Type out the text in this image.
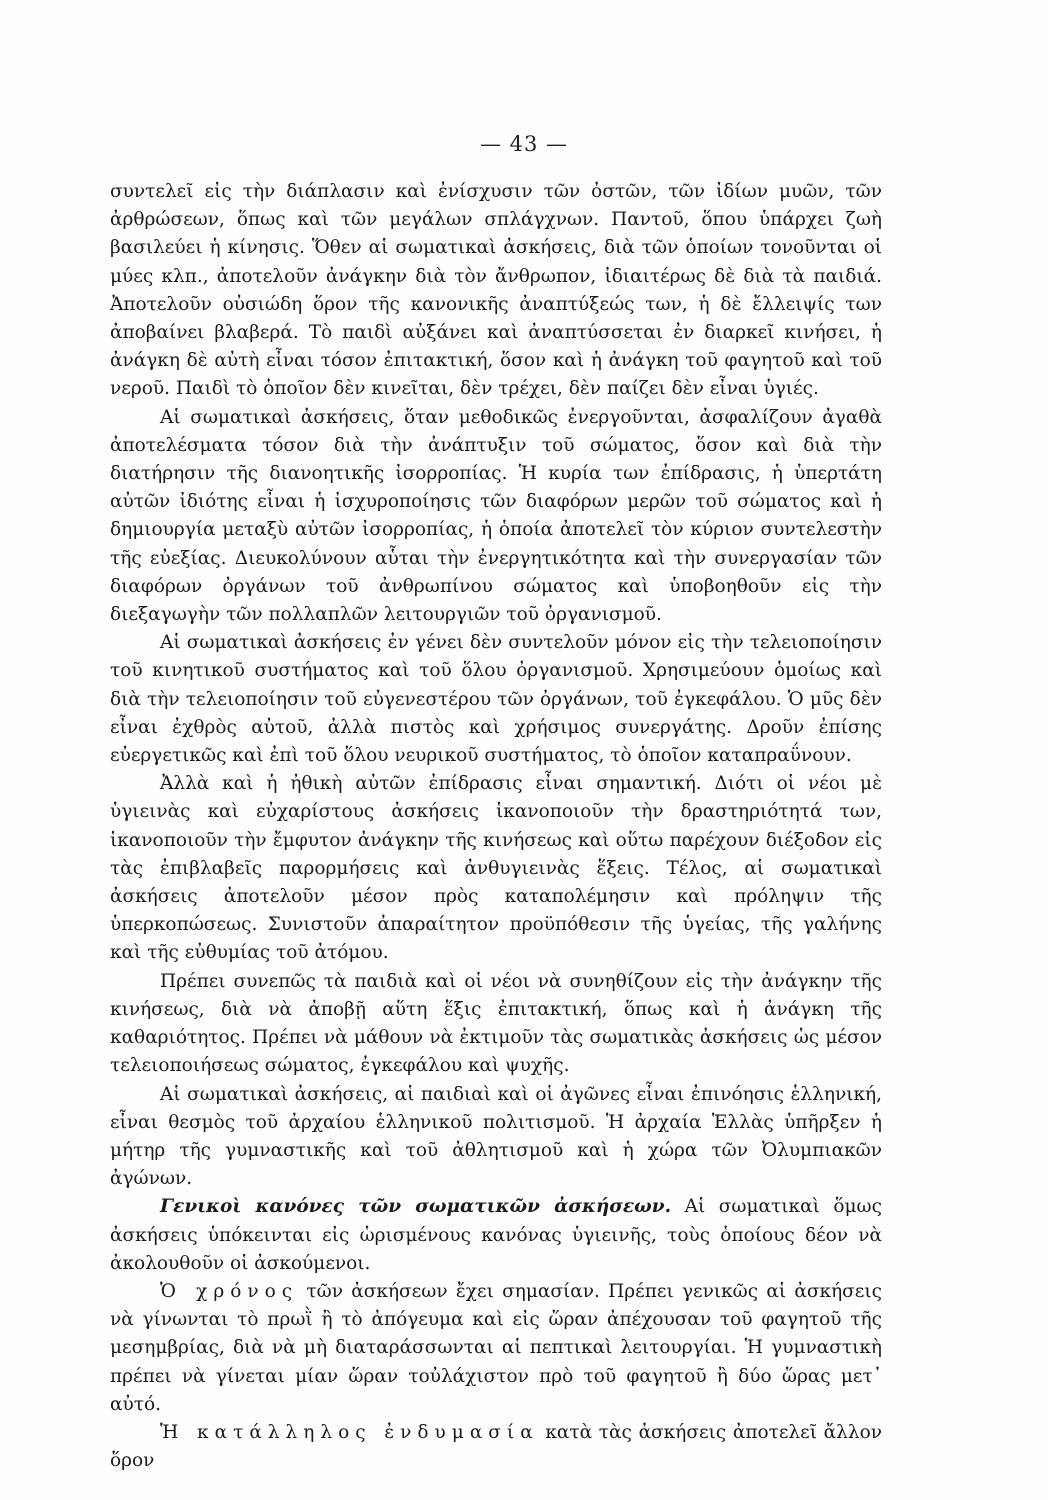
— 43 —

συντελεῖ εἰς τὴν διάπλασιν καὶ ἐνίσχυσιν τῶν ὀστῶν, τῶν ἰδίων μυῶν, τῶν ἀρθρώσεων, ὅπως καὶ τῶν μεγάλων σπλάγχνων. Παντοῦ, ὅπου ὑπάρχει ζωὴ βασιλεύει ἡ κίνησις. Ὅθεν αἱ σωματικαὶ ἀσκήσεις, διὰ τῶν ὁποίων τονοῦνται οἱ μύες κλπ., ἀποτελοῦν ἀνάγκην διὰ τὸν ἄνθρωπον, ἰδιαιτέρως δὲ διὰ τὰ παιδιά. Ἀποτελοῦν οὐσιώδη ὅρον τῆς κανονικῆς ἀναπτύξεώς των, ἡ δὲ ἔλλειψίς των ἀποβαίνει βλαβερά. Τὸ παιδὶ αὐξάνει καὶ ἀναπτύσσεται ἐν διαρκεῖ κινήσει, ἡ ἀνάγκη δὲ αὐτὴ εἶναι τόσον ἐπιτακτική, ὅσον καὶ ἡ ἀνάγκη τοῦ φαγητοῦ καὶ τοῦ νεροῦ. Παιδὶ τὸ ὁποῖον δὲν κινεῖται, δὲν τρέχει, δὲν παίζει δὲν εἶναι ὑγιές.

Αἱ σωματικαὶ ἀσκήσεις, ὅταν μεθοδικῶς ἐνεργοῦνται, ἀσφαλίζουν ἀγαθὰ ἀποτελέσματα τόσον διὰ τὴν ἀνάπτυξιν τοῦ σώματος, ὅσον καὶ διὰ τὴν διατήρησιν τῆς διανοητικῆς ἰσορροπίας. Ἡ κυρία των ἐπίδρασις, ἡ ὑπερτάτη αὐτῶν ἰδιότης εἶναι ἡ ἰσχυροποίησις τῶν διαφόρων μερῶν τοῦ σώματος καὶ ἡ δημιουργία μεταξὺ αὐτῶν ἰσορροπίας, ἡ ὁποία ἀποτελεῖ τὸν κύριον συντελεστὴν τῆς εὐεξίας. Διευκολύνουν αὗται τὴν ἐνεργητικότητα καὶ τὴν συνεργασίαν τῶν διαφόρων ὀργάνων τοῦ ἀνθρωπίνου σώματος καὶ ὑποβοηθοῦν εἰς τὴν διεξαγωγὴν τῶν πολλαπλῶν λειτουργιῶν τοῦ ὀργανισμοῦ.

Αἱ σωματικαὶ ἀσκήσεις ἐν γένει δὲν συντελοῦν μόνον εἰς τὴν τελειοποίησιν τοῦ κινητικοῦ συστήματος καὶ τοῦ ὅλου ὀργανισμοῦ. Χρησιμεύουν ὁμοίως καὶ διὰ τὴν τελειοποίησιν τοῦ εὐγενεστέρου τῶν ὀργάνων, τοῦ ἐγκεφάλου. Ὁ μῦς δὲν εἶναι ἐχθρὸς αὐτοῦ, ἀλλὰ πιστὸς καὶ χρήσιμος συνεργάτης. Δροῦν ἐπίσης εὐεργετικῶς καὶ ἐπὶ τοῦ ὅλου νευρικοῦ συστήματος, τὸ ὁποῖον καταπραΰνουν.

Ἀλλὰ καὶ ἡ ἠθικὴ αὐτῶν ἐπίδρασις εἶναι σημαντική. Διότι οἱ νέοι μὲ ὑγιεινὰς καὶ εὐχαρίστους ἀσκήσεις ἱκανοποιοῦν τὴν δραστηριότητά των, ἱκανοποιοῦν τὴν ἔμφυτον ἀνάγκην τῆς κινήσεως καὶ οὕτω παρέχουν διέξοδον εἰς τὰς ἐπιβλαβεῖς παρορμήσεις καὶ ἀνθυγιεινὰς ἕξεις. Τέλος, αἱ σωματικαὶ ἀσκήσεις ἀποτελοῦν μέσον πρὸς καταπολέμησιν καὶ πρόληψιν τῆς ὑπερκοπώσεως. Συνιστοῦν ἀπαραίτητον προϋπόθεσιν τῆς ὑγείας, τῆς γαλήνης καὶ τῆς εὐθυμίας τοῦ ἀτόμου.

Πρέπει συνεπῶς τὰ παιδιὰ καὶ οἱ νέοι νὰ συνηθίζουν εἰς τὴν ἀνάγκην τῆς κινήσεως, διὰ νὰ ἀποβῇ αὕτη ἕξις ἐπιτακτική, ὅπως καὶ ἡ ἀνάγκη τῆς καθαριότητος. Πρέπει νὰ μάθουν νὰ ἐκτιμοῦν τὰς σωματικὰς ἀσκήσεις ὡς μέσον τελειοποιήσεως σώματος, ἐγκεφάλου καὶ ψυχῆς.

Αἱ σωματικαὶ ἀσκήσεις, αἱ παιδιαὶ καὶ οἱ ἀγῶνες εἶναι ἐπινόησις ἑλληνική, εἶναι θεσμὸς τοῦ ἀρχαίου ἑλληνικοῦ πολιτισμοῦ. Ἡ ἀρχαία Ἑλλὰς ὑπῆρξεν ἡ μήτηρ τῆς γυμναστικῆς καὶ τοῦ ἀθλητισμοῦ καὶ ἡ χώρα τῶν Ὀλυμπιακῶν ἀγώνων.

Γενικοὶ κανόνες τῶν σωματικῶν ἀσκήσεων. Αἱ σωματικαὶ ὅμως ἀσκήσεις ὑπόκεινται εἰς ὡρισμένους κανόνας ὑγιεινῆς, τοὺς ὁποίους δέον νὰ ἀκολουθοῦν οἱ ἀσκούμενοι.

Ὁ χρόνος τῶν ἀσκήσεων ἔχει σημασίαν. Πρέπει γενικῶς αἱ ἀσκήσεις νὰ γίνωνται τὸ πρωῒ ἢ τὸ ἀπόγευμα καὶ εἰς ὥραν ἀπέχουσαν τοῦ φαγητοῦ τῆς μεσημβρίας, διὰ νὰ μὴ διαταράσσωνται αἱ πεπτικαὶ λειτουργίαι. Ἡ γυμναστικὴ πρέπει νὰ γίνεται μίαν ὥραν τοὐλάχιστον πρὸ τοῦ φαγητοῦ ἢ δύο ὥρας μετ᾽ αὐτό.

Ἡ κατάλληλος ἐνδυμασία κατὰ τὰς ἀσκήσεις ἀποτελεῖ ἄλλον ὅρον
